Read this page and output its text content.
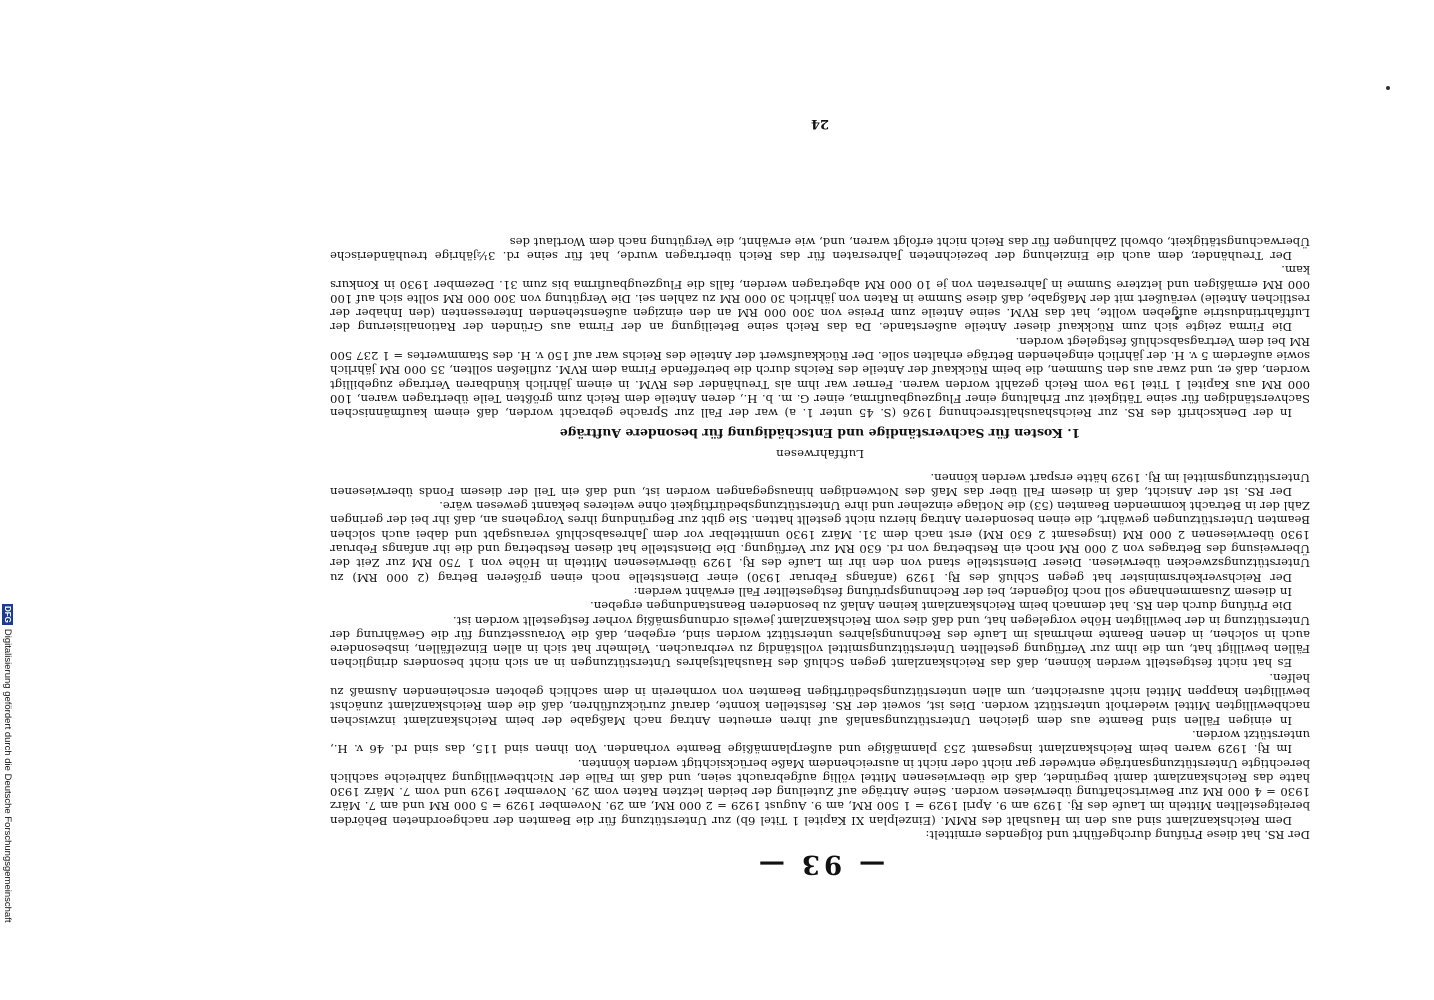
DFGDigitalisierung gefördert durch die Deutsche Forschungsgemeinschaft	— 93 —

Der RS. hat diese Prüfung durchgeführt und folgendes ermittelt:

Dem Reichskanzlamt sind aus den im Haushalt des RMM. (Einzelplan XI Kapitel 1 Titel 6b) zur Unterstützung für die Beamten der nachgeordneten Behörden bereitgestellten Mitteln im Laufe des Rj. 1929 am 9. April 1929 = 1 500 RM, am 9. August 1929 = 2 000 RM, am 29. November 1929 = 5 000 RM und am 7. März 1930 = 4 000 RM zur Bewirtschaftung überwiesen worden. Seine Anträge auf Zuteilung der beiden letzten Raten vom 29. November 1929 und vom 7. März 1930 hatte das Reichskanzlamt damit begründet, daß die überwiesenen Mittel völlig aufgebraucht seien, und daß im Falle der Nichtbewilligung zahlreiche sachlich berechtigte Unterstützungsanträge entweder gar nicht oder nicht in ausreichendem Maße berücksichtigt werden könnten.

Im Rj. 1929 waren beim Reichskanzlamt insgesamt 253 planmäßige und außerplanmäßige Beamte vorhanden. Von ihnen sind 115, das sind rd. 46 v. H., unterstützt worden.

In einigen Fällen sind Beamte aus dem gleichen Unterstützungsanlaß auf ihren erneuten Antrag nach Maßgabe der beim Reichskanzlamt inzwischen nachbewilligten Mittel wiederholt unterstützt worden. Dies ist, soweit der RS. feststellen konnte, darauf zurückzuführen, daß die dem Reichskanzlamt zunächst bewilligten knappen Mittel nicht ausreichten, um allen unterstützungsbedürftigen Beamten von vornherein in dem sachlich geboten erscheinenden Ausmaß zu helfen.

Es hat nicht festgestellt werden können, daß das Reichskanzlamt gegen Schluß des Haushaltsjahres Unterstützungen in an sich nicht besonders dringlichen Fällen bewilligt hat, um die ihm zur Verfügung gestellten Unterstützungsmittel vollständig zu verbrauchen. Vielmehr hat sich in allen Einzelfällen, insbesondere auch in solchen, in denen Beamte mehrmals im Laufe des Rechnungsjahres unterstützt worden sind, ergeben, daß die Voraussetzung für die Gewährung der Unterstützung in der bewilligten Höhe vorgelegen hat, und daß dies vom Reichskanzlamt jeweils ordnungsmäßig vorher festgestellt worden ist.

Die Prüfung durch den RS. hat demnach beim Reichskanzlamt keinen Anlaß zu besonderen Beanstandungen ergeben.

In diesem Zusammenhange soll noch folgender, bei der Rechnungsprüfung festgestellter Fall erwähnt werden:

Der Reichsverkehrsminister hat gegen Schluß des Rj. 1929 (anfangs Februar 1930) einer Dienststelle noch einen größeren Betrag (2 000 RM) zu Unterstützungszwecken überwiesen. Dieser Dienststelle stand von den ihr im Laufe des Rj. 1929 überwiesenen Mitteln in Höhe von 1 750 RM zur Zeit der Überweisung des Betrages von 2 000 RM noch ein Restbetrag von rd. 630 RM zur Verfügung. Die Dienststelle hat diesen Restbetrag und die ihr anfangs Februar 1930 überwiesenen 2 000 RM (insgesamt 2 630 RM) erst nach dem 31. März 1930 unmittelbar vor dem Jahresabschluß verausgabt und dabei auch solchen Beamten Unterstützungen gewährt, die einen besonderen Antrag hierzu nicht gestellt hatten. Sie gibt zur Begründung ihres Vorgehens an, daß ihr bei der geringen Zahl der in Betracht kommenden Beamten (53) die Notlage einzelner und ihre Unterstützungsbedürftigkeit ohne weiteres bekannt gewesen wäre.

Der RS. ist der Ansicht, daß in diesem Fall über das Maß des Notwendigen hinausgegangen worden ist, und daß ein Teil der diesem Fonds überwiesenen Unterstützungsmittel im Rj. 1929 hätte erspart werden können.

Luftfahrwesen
1. Kosten für Sachverständige und Entschädigung für besondere Aufträge

In der Denkschrift des RS. zur Reichshaushaltsrechnung 1926 (S. 45 unter 1. a) war der Fall zur Sprache gebracht worden, daß einem kaufmännischen Sachverständigen für seine Tätigkeit zur Erhaltung einer Flugzeugbaufirma, einer G. m. b. H., deren Anteile dem Reich zum größten Teile übertragen waren, 100 000 RM aus Kapitel 1 Titel 19a vom Reich gezahlt worden waren. Ferner war ihm als Treuhänder des RVM. in einem jährlich kündbaren Vertrage zugebilligt worden, daß er, und zwar aus den Summen, die beim Rückkauf der Anteile des Reichs durch die betreffende Firma dem RVM. zufließen sollten, 35 000 RM jährlich sowie außerdem 5 v. H. der jährlich eingehenden Beträge erhalten solle. Der Rückkaufswert der Anteile des Reichs war auf 150 v. H. des Stammwertes = 1 237 500 RM bei dem Vertragsabschluß festgelegt worden.

Die Firma zeigte sich zum Rückkauf dieser Anteile außerstande. Da das Reich seine Beteiligung an der Firma aus Gründen der Rationalisierung der Luftfahrtindustrie aufgeben wollte, hat das RVM. seine Anteile zum Preise von 300 000 RM an den einzigen außenstehenden Interessenten (den Inhaber der restlichen Anteile) veräußert mit der Maßgabe, daß diese Summe in Raten von jährlich 30 000 RM zu zahlen sei. Die Vergütung von 300 000 RM sollte sich auf 100 000 RM ermäßigen und letztere Summe in Jahresraten von je 10 000 RM abgetragen werden, falls die Flugzeugbaufirma bis zum 31. Dezember 1930 in Konkurs kam.

Der Treuhänder, dem auch die Einziehung der bezeichneten Jahresraten für das Reich übertragen wurde, hat für seine rd. 3½jährige treuhänderische Überwachungstätigkeit, obwohl Zahlungen für das Reich nicht erfolgt waren, und, wie erwähnt, die Vergütung nach dem Wortlaut des

24
